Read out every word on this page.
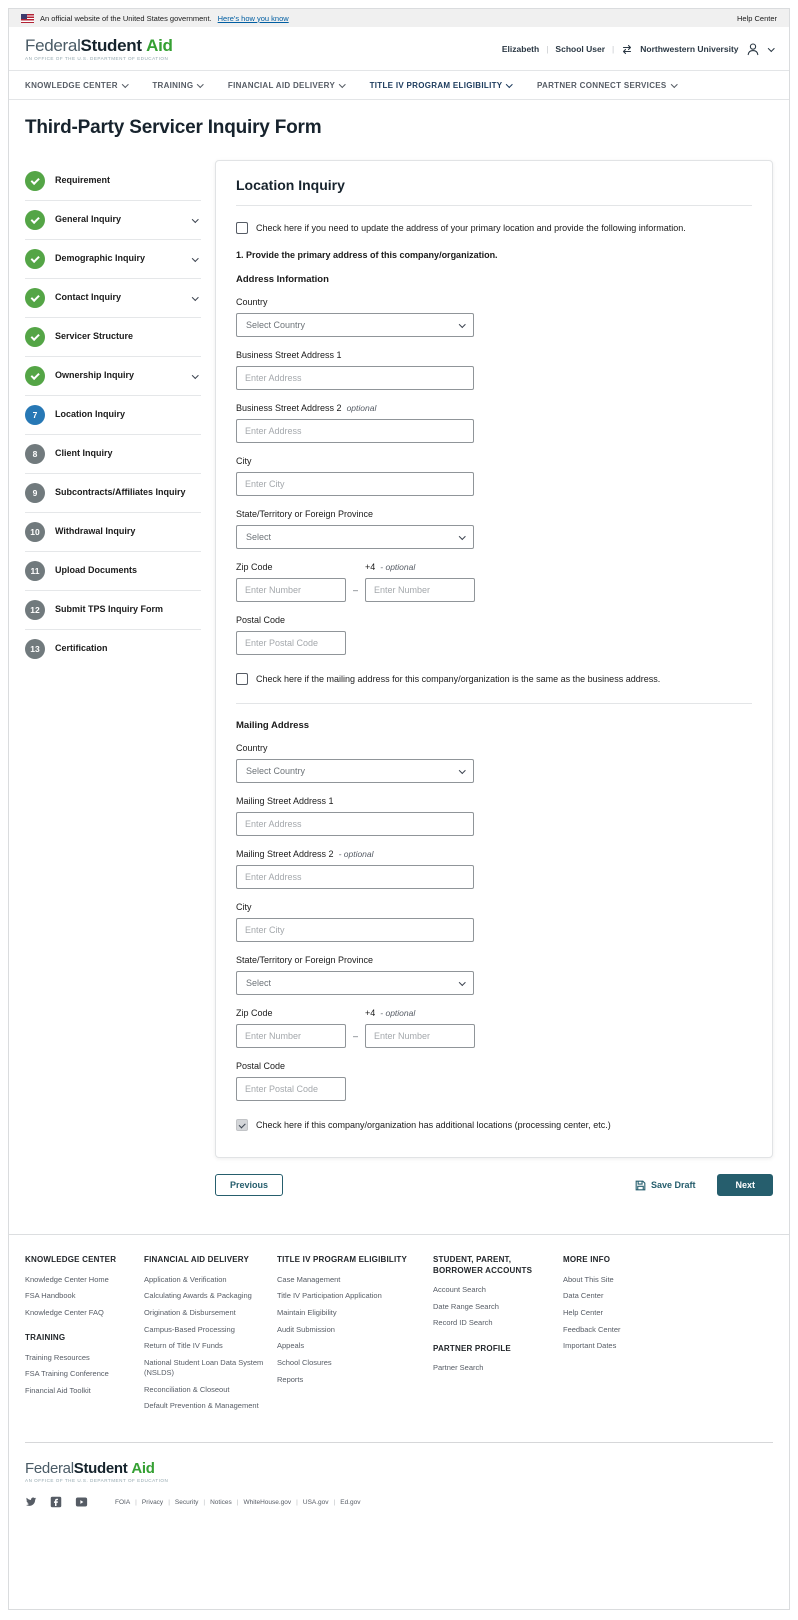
An official website of the United States government. Here's how you know	Help Center
FederalStudent Aid
AN OFFICE OF THE U.S. DEPARTMENT OF EDUCATION
Elizabeth | School User |	Northwestern University
KNOWLEDGE CENTER	TRAINING	FINANCIAL AID DELIVERY	TITLE IV PROGRAM ELIGIBILITY	PARTNER CONNECT SERVICES
Third-Party Servicer Inquiry Form
Requirement
General Inquiry
Demographic Inquiry
Contact Inquiry
Servicer Structure
Ownership Inquiry
7	Location Inquiry
8	Client Inquiry
9	Subcontracts/Affiliates Inquiry
10	Withdrawal Inquiry
11	Upload Documents
12	Submit TPS Inquiry Form
13	Certification
Location Inquiry
Check here if you need to update the address of your primary location and provide the following information.

1. Provide the primary address of this company/organization.

Address Information
Country
Select Country
Business Street Address 1
Enter Address
Business Street Address 2 optional
Enter Address
City
Enter City
State/Territory or Foreign Province
Select
Zip Code
Enter Number
–
+4 - optional
Enter Number
Postal Code
Enter Postal Code
Check here if the mailing address for this company/organization is the same as the business address.
Mailing Address
Country
Select Country
Mailing Street Address 1
Enter Address
Mailing Street Address 2 - optional
Enter Address
City
Enter City
State/Territory or Foreign Province
Select
Zip Code
Enter Number
–
+4 - optional
Enter Number
Postal Code
Enter Postal Code
Check here if this company/organization has additional locations (processing center, etc.)
Previous	Save Draft	Next
KNOWLEDGE CENTER
Knowledge Center Home
FSA Handbook
Knowledge Center FAQ
TRAINING
Training Resources
FSA Training Conference
Financial Aid Toolkit
FINANCIAL AID DELIVERY
Application & Verification
Calculating Awards & Packaging
Origination & Disbursement
Campus-Based Processing
Return of Title IV Funds
National Student Loan Data System (NSLDS)
Reconciliation & Closeout
Default Prevention & Management
TITLE IV PROGRAM ELIGIBILITY
Case Management
Title IV Participation Application
Maintain Eligibility
Audit Submission
Appeals
School Closures
Reports
STUDENT, PARENT, BORROWER ACCOUNTS
Account Search
Date Range Search
Record ID Search
PARTNER PROFILE
Partner Search
MORE INFO
About This Site
Data Center
Help Center
Feedback Center
Important Dates
FederalStudent Aid
AN OFFICE OF THE U.S. DEPARTMENT OF EDUCATION
FOIA |	Privacy |	Security |	Notices |	WhiteHouse.gov |	USA.gov |	Ed.gov
